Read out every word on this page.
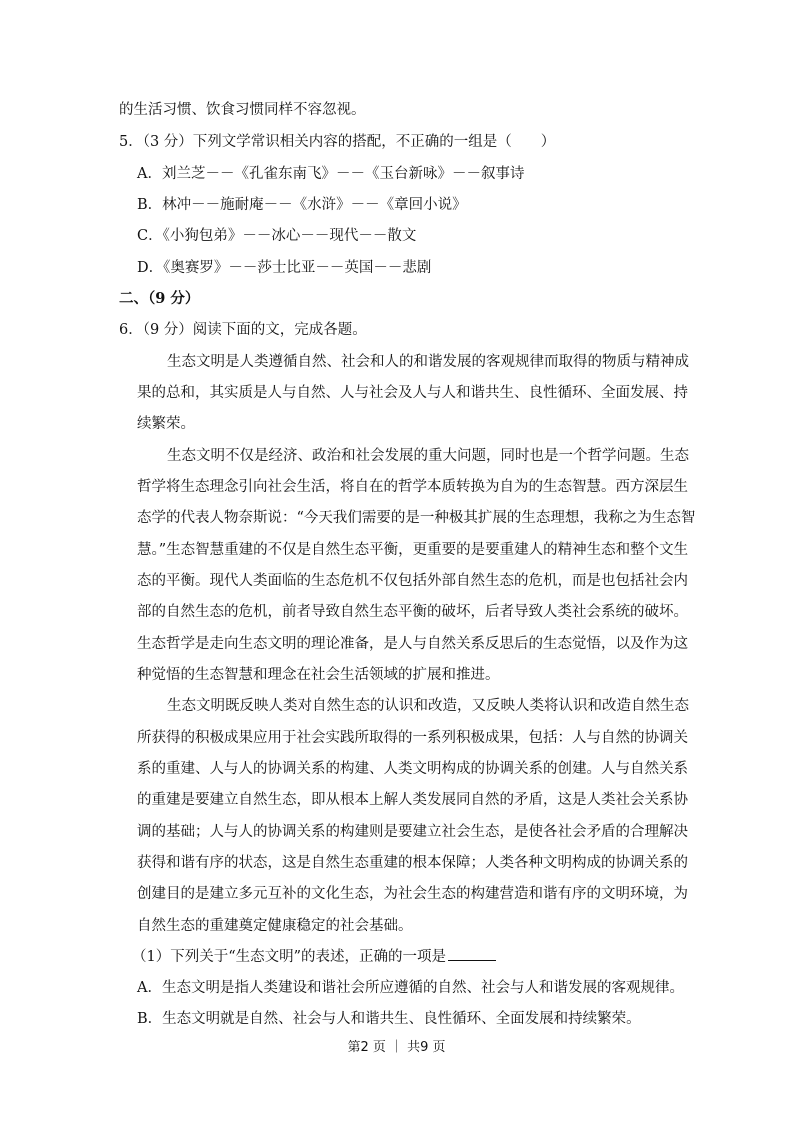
的生活习惯、饮食习惯同样不容忽视。
5．（3 分）下列文学常识相关内容的搭配，不正确的一组是（　　）
A．刘兰芝－－《孔雀东南飞》－－《玉台新咏》－－叙事诗
B．林冲－－施耐庵－－《水浒》－－《章回小说》
C．《小狗包弟》－－冰心－－现代－－散文
D．《奥赛罗》－－莎士比亚－－英国－－悲剧
二、（9 分）
6．（9 分）阅读下面的文，完成各题。
生态文明是人类遵循自然、社会和人的和谐发展的客观规律而取得的物质与精神成
果的总和，其实质是人与自然、人与社会及人与人和谐共生、良性循环、全面发展、持
续繁荣。
生态文明不仅是经济、政治和社会发展的重大问题，同时也是一个哲学问题。生态
哲学将生态理念引向社会生活，将自在的哲学本质转换为自为的生态智慧。西方深层生
态学的代表人物奈斯说：“今天我们需要的是一种极其扩展的生态理想，我称之为生态智
慧。”生态智慧重建的不仅是自然生态平衡，更重要的是要重建人的精神生态和整个文生
态的平衡。现代人类面临的生态危机不仅包括外部自然生态的危机，而是也包括社会内
部的自然生态的危机，前者导致自然生态平衡的破坏，后者导致人类社会系统的破坏。
生态哲学是走向生态文明的理论准备，是人与自然关系反思后的生态觉悟，以及作为这
种觉悟的生态智慧和理念在社会生活领域的扩展和推进。
生态文明既反映人类对自然生态的认识和改造，又反映人类将认识和改造自然生态
所获得的积极成果应用于社会实践所取得的一系列积极成果，包括：人与自然的协调关
系的重建、人与人的协调关系的构建、人类文明构成的协调关系的创建。人与自然关系
的重建是要建立自然生态，即从根本上解人类发展同自然的矛盾，这是人类社会关系协
调的基础；人与人的协调关系的构建则是要建立社会生态，是使各社会矛盾的合理解决
获得和谐有序的状态，这是自然生态重建的根本保障；人类各种文明构成的协调关系的
创建目的是建立多元互补的文化生态，为社会生态的构建营造和谐有序的文明环境，为
自然生态的重建奠定健康稳定的社会基础。
（1）下列关于“生态文明”的表述，正确的一项是
A．生态文明是指人类建设和谐社会所应遵循的自然、社会与人和谐发展的客观规律。
B．生态文明就是自然、社会与人和谐共生、良性循环、全面发展和持续繁荣。
第2 页 ｜ 共9 页
